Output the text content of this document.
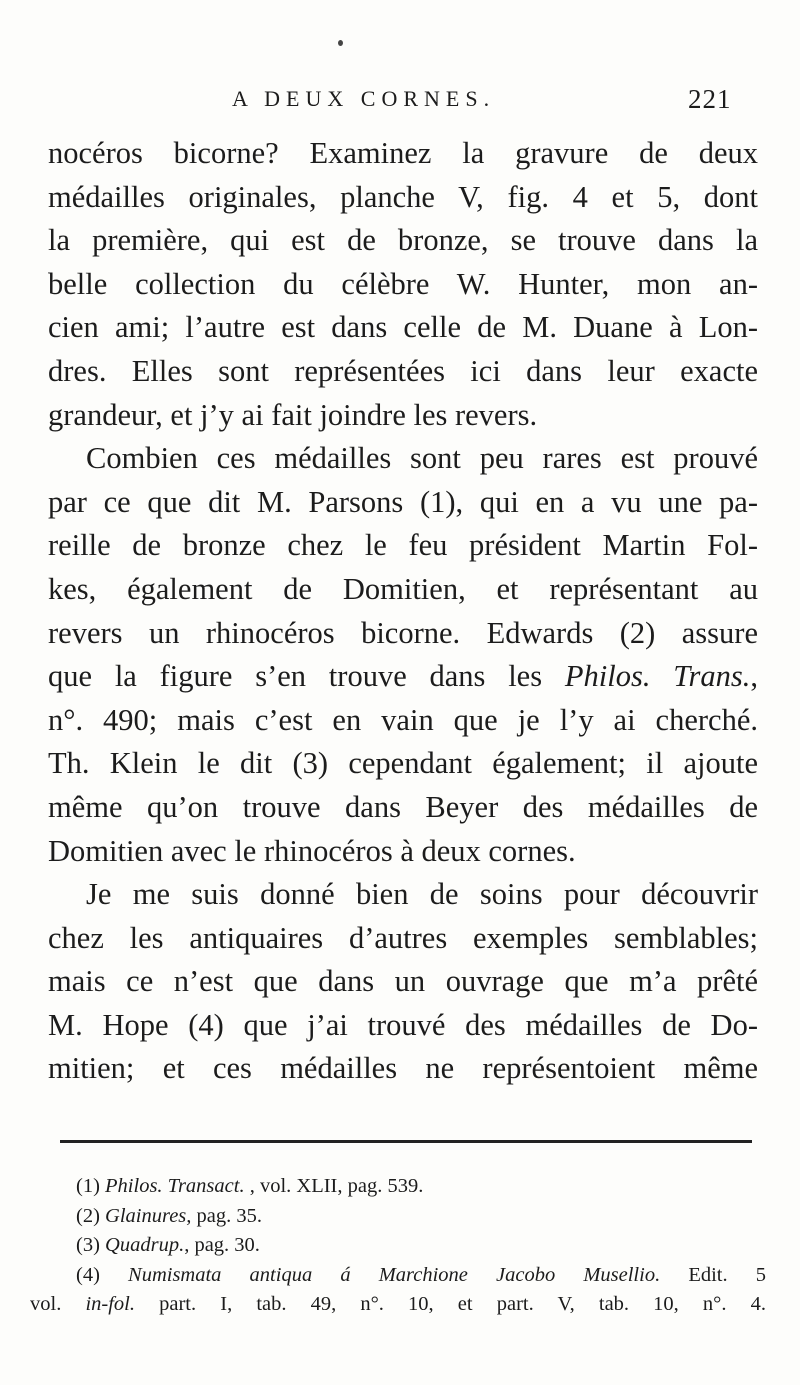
A DEUX CORNES.	221
nocéros bicorne? Examinez la gravure de deux
médailles originales, planche V, fig. 4 et 5, dont
la première, qui est de bronze, se trouve dans la
belle collection du célèbre W. Hunter, mon an-
cien ami; l’autre est dans celle de M. Duane à Lon-
dres. Elles sont représentées ici dans leur exacte
grandeur, et j’y ai fait joindre les revers.
Combien ces médailles sont peu rares est prouvé
par ce que dit M. Parsons (1), qui en a vu une pa-
reille de bronze chez le feu président Martin Fol-
kes, également de Domitien, et représentant au
revers un rhinocéros bicorne. Edwards (2) assure
que la figure s’en trouve dans les Philos. Trans.,
n°. 490; mais c’est en vain que je l’y ai cherché.
Th. Klein le dit (3) cependant également; il ajoute
même qu’on trouve dans Beyer des médailles de
Domitien avec le rhinocéros à deux cornes.
Je me suis donné bien de soins pour découvrir
chez les antiquaires d’autres exemples semblables;
mais ce n’est que dans un ouvrage que m’a prêté
M. Hope (4) que j’ai trouvé des médailles de Do-
mitien; et ces médailles ne représentoient même
(1) Philos. Transact. , vol. XLII, pag. 539.
(2) Glainures, pag. 35.
(3) Quadrup., pag. 30.
(4) Numismata antiqua á Marchione Jacobo Musellio. Edit. 5
vol. in-fol. part. I, tab. 49, n°. 10, et part. V, tab. 10, n°. 4.
